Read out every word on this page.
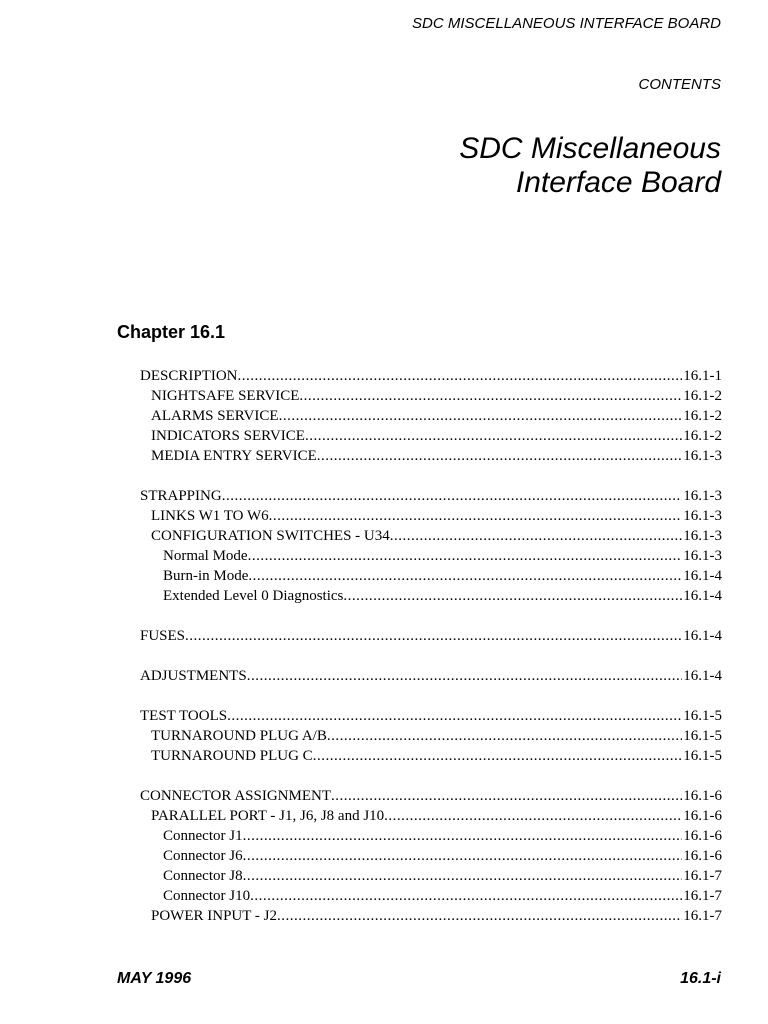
SDC MISCELLANEOUS INTERFACE BOARD
CONTENTS
SDC Miscellaneous
Interface Board
Chapter 16.1
DESCRIPTION .....	16.1-1
NIGHTSAFE SERVICE .....	16.1-2
ALARMS SERVICE .....	16.1-2
INDICATORS SERVICE .....	16.1-2
MEDIA ENTRY SERVICE .....	16.1-3
STRAPPING .....	16.1-3
LINKS W1 TO W6 .....	16.1-3
CONFIGURATION SWITCHES - U34 .....	16.1-3
Normal Mode .....	16.1-3
Burn-in Mode .....	16.1-4
Extended Level 0 Diagnostics .....	16.1-4
FUSES .....	16.1-4
ADJUSTMENTS .....	16.1-4
TEST TOOLS .....	16.1-5
TURNAROUND PLUG A/B .....	16.1-5
TURNAROUND PLUG C .....	16.1-5
CONNECTOR ASSIGNMENT .....	16.1-6
PARALLEL PORT - J1, J6, J8 and J10 .....	16.1-6
Connector J1 .....	16.1-6
Connector J6 .....	16.1-6
Connector J8 .....	16.1-7
Connector J10 .....	16.1-7
POWER INPUT - J2 .....	16.1-7
MAY 1996	16.1-i
